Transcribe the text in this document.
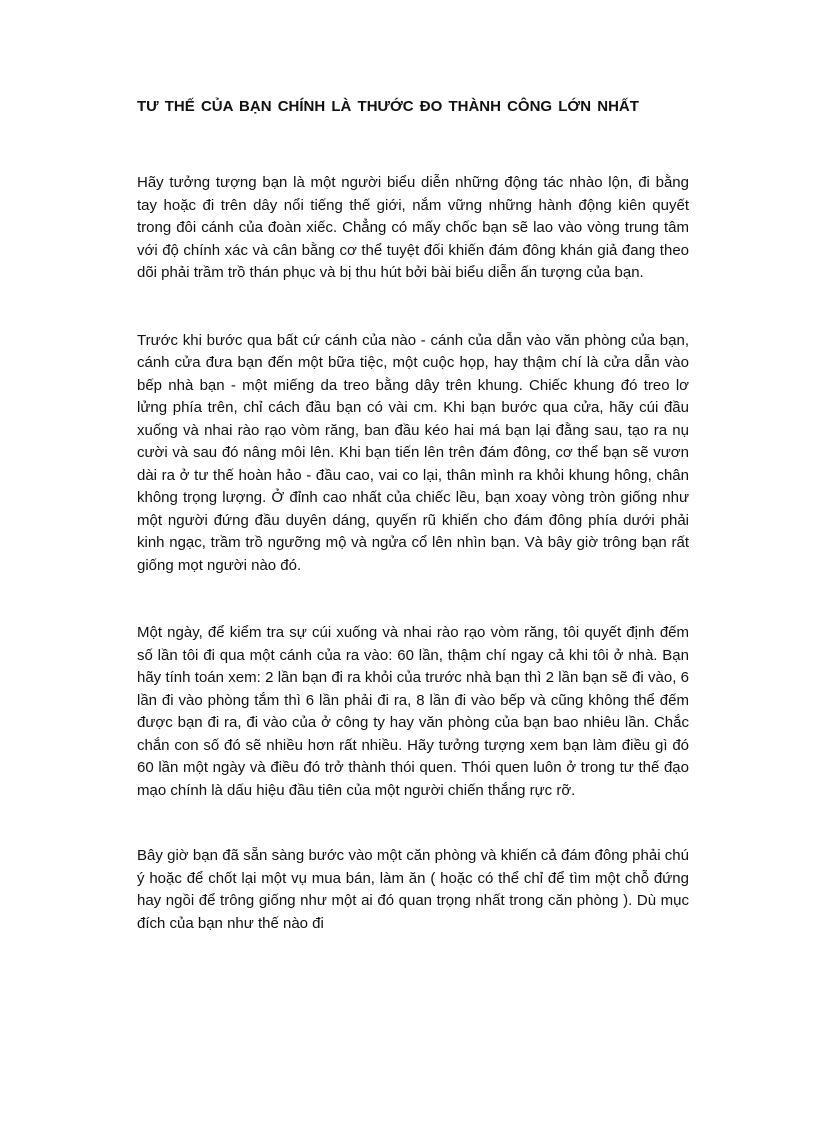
TƯ THẾ CỦA BẠN CHÍNH LÀ THƯỚC ĐO THÀNH CÔNG LỚN NHẤT

Hãy tưởng tượng bạn là một người biểu diễn những động tác nhào lộn, đi bằng tay hoặc đi trên dây nổi tiếng thế giới, nắm vững những hành động kiên quyết trong đôi cánh của đoàn xiếc. Chẳng có mấy chốc bạn sẽ lao vào vòng trung tâm với độ chính xác và cân bằng cơ thể tuyệt đối khiến đám đông khán giả đang theo dõi phải trầm trồ thán phục và bị thu hút bởi bài biểu diễn ấn tượng của bạn.

Trước khi bước qua bất cứ cánh của nào - cánh của dẫn vào văn phòng của bạn, cánh cửa đưa bạn đến một bữa tiệc, một cuộc họp, hay thậm chí là cửa dẫn vào bếp nhà bạn - một miếng da treo bằng dây trên khung. Chiếc khung đó treo lơ lửng phía trên, chỉ cách đầu bạn có vài cm. Khi bạn bước qua cửa, hãy cúi đầu xuống và nhai rào rạo vòm răng, ban đầu kéo hai má bạn lại đằng sau, tạo ra nụ cười và sau đó nâng môi lên. Khi bạn tiến lên trên đám đông, cơ thể bạn sẽ vươn dài ra ở tư thế hoàn hảo - đầu cao, vai co lại, thân mình ra khỏi khung hông, chân không trọng lượng. Ở đỉnh cao nhất của chiếc lều, bạn xoay vòng tròn giống như một người đứng đầu duyên dáng, quyến rũ khiến cho đám đông phía dưới phải kinh ngạc, trầm trồ ngưỡng mộ và ngửa cổ lên nhìn bạn. Và bây giờ trông bạn rất giống mọt người nào đó.

Một ngày, để kiểm tra sự cúi xuống và nhai rào rạo vòm răng, tôi quyết định đếm số lần tôi đi qua một cánh của ra vào: 60 lần, thậm chí ngay cả khi tôi ở nhà. Bạn hãy tính toán xem: 2 lần bạn đi ra khỏi của trước nhà bạn thì 2 lần bạn sẽ đi vào, 6 lần đi vào phòng tắm thì 6 lần phải đi ra, 8 lần đi vào bếp và cũng không thể đếm được bạn đi ra, đi vào của ở công ty hay văn phòng của bạn bao nhiêu lần. Chắc chắn con số đó sẽ nhiều hơn rất nhiều. Hãy tưởng tượng xem bạn làm điều gì đó 60 lần một ngày và điều đó trở thành thói quen. Thói quen luôn ở trong tư thế đạo mạo chính là dấu hiệu đầu tiên của một người chiến thắng rực rỡ.

Bây giờ bạn đã sẵn sàng bước vào một căn phòng và khiến cả đám đông phải chú ý hoặc để chốt lại một vụ mua bán, làm ăn ( hoặc có thể chỉ để tìm một chỗ đứng hay ngồi để trông giống như một ai đó quan trọng nhất trong căn phòng ). Dù mục đích của bạn như thế nào đi
